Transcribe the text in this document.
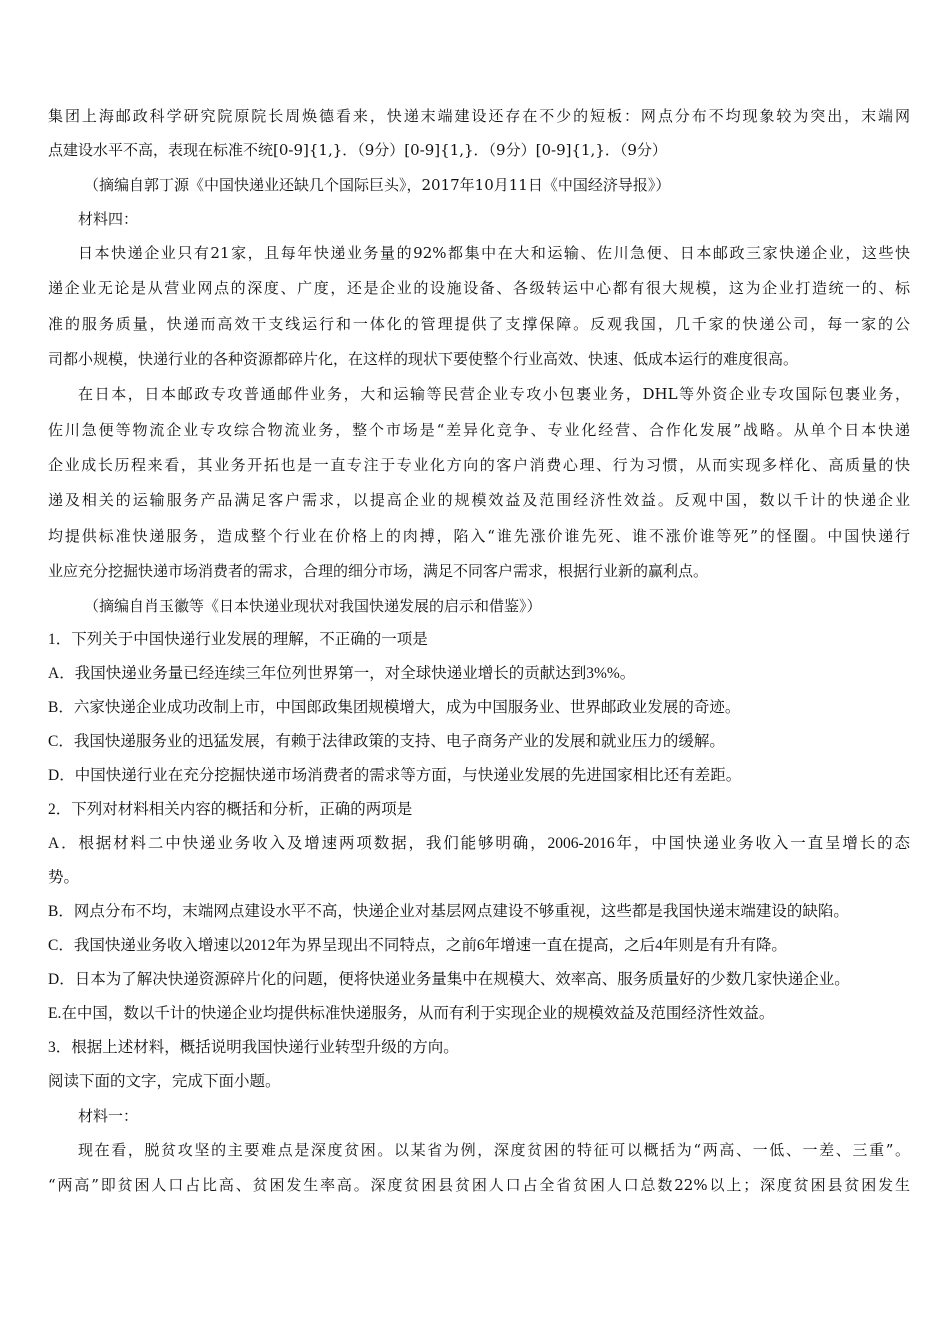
集团上海邮政科学研究院原院长周焕德看来，快递末端建设还存在不少的短板：网点分布不均现象较为突出，末端网
点建设水平不高，表现在标准不统[0-9]{1,}．（9分）[0-9]{1,}．（9分）[0-9]{1,}．（9分）
（摘编自郭丁源《中国快递业还缺几个国际巨头》，2017年10月11日《中国经济导报》）
材料四：
日本快递企业只有21家，且每年快递业务量的92%都集中在大和运输、佐川急便、日本邮政三家快递企业，这些快
递企业无论是从营业网点的深度、广度，还是企业的设施设备、各级转运中心都有很大规模，这为企业打造统一的、标
准的服务质量，快递而高效干支线运行和一体化的管理提供了支撑保障。反观我国，几千家的快递公司，每一家的公
司都小规模，快递行业的各种资源都碎片化，在这样的现状下要使整个行业高效、快速、低成本运行的难度很高。
在日本，日本邮政专攻普通邮件业务，大和运输等民营企业专攻小包裹业务，DHL等外资企业专攻国际包裹业务，
佐川急便等物流企业专攻综合物流业务，整个市场是“差异化竞争、专业化经营、合作化发展”战略。从单个日本快递
企业成长历程来看，其业务开拓也是一直专注于专业化方向的客户消费心理、行为习惯，从而实现多样化、高质量的快
递及相关的运输服务产品满足客户需求，以提高企业的规模效益及范围经济性效益。反观中国，数以千计的快递企业
均提供标准快递服务，造成整个行业在价格上的肉搏，陷入“谁先涨价谁先死、谁不涨价谁等死”的怪圈。中国快递行
业应充分挖掘快递市场消费者的需求，合理的细分市场，满足不同客户需求，根据行业新的赢利点。
（摘编自肖玉徽等《日本快递业现状对我国快递发展的启示和借鉴》）
1．下列关于中国快递行业发展的理解，不正确的一项是
A．我国快递业务量已经连续三年位列世界第一，对全球快递业增长的贡献达到3%%。
B．六家快递企业成功改制上市，中国郎政集团规模增大，成为中国服务业、世界邮政业发展的奇迹。
C．我国快递服务业的迅猛发展，有赖于法律政策的支持、电子商务产业的发展和就业压力的缓解。
D．中国快递行业在充分挖掘快递市场消费者的需求等方面，与快递业发展的先进国家相比还有差距。
2．下列对材料相关内容的概括和分析，正确的两项是
A．根据材料二中快递业务收入及增速两项数据，我们能够明确，2006-2016年，中国快递业务收入一直呈增长的态
势。
B．网点分布不均，末端网点建设水平不高，快递企业对基层网点建设不够重视，这些都是我国快递末端建设的缺陷。
C．我国快递业务收入增速以2012年为界呈现出不同特点，之前6年增速一直在提高，之后4年则是有升有降。
D．日本为了解决快递资源碎片化的问题，便将快递业务量集中在规模大、效率高、服务质量好的少数几家快递企业。
E.在中国，数以千计的快递企业均提供标准快递服务，从而有利于实现企业的规模效益及范围经济性效益。
3．根据上述材料，概括说明我国快递行业转型升级的方向。
阅读下面的文字，完成下面小题。
材料一：
现在看，脱贫攻坚的主要难点是深度贫困。以某省为例，深度贫困的特征可以概括为“两高、一低、一差、三重”。
“两高”即贫困人口占比高、贫困发生率高。深度贫困县贫困人口占全省贫困人口总数22%以上；深度贫困县贫困发生
